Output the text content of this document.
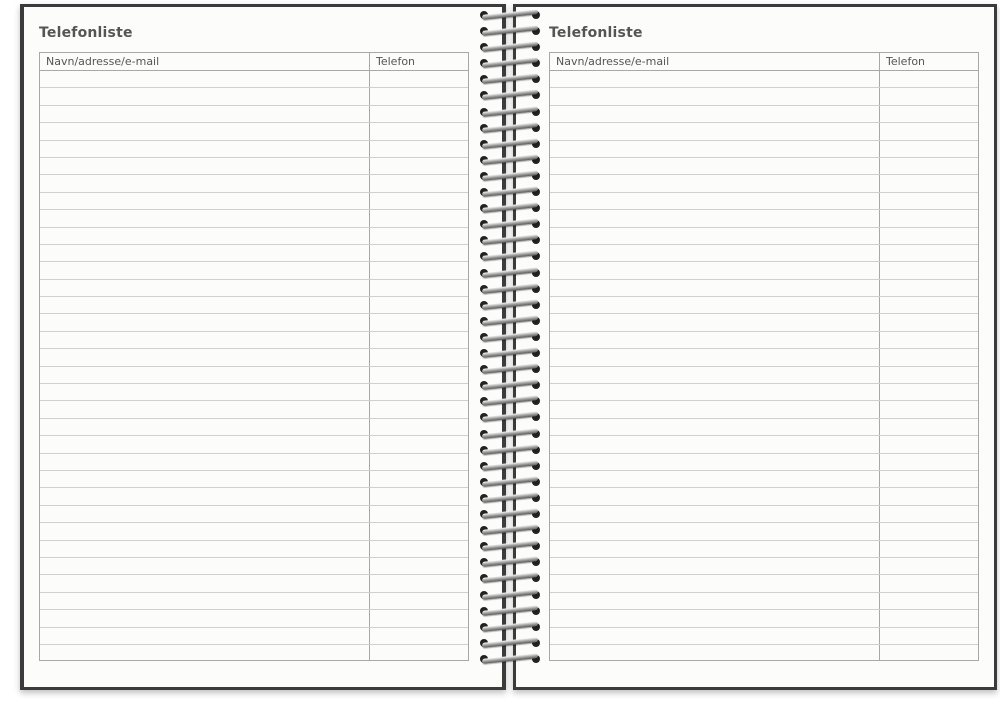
Telefonliste
Navn/adresse/e-mail	Telefon
Telefonliste
Navn/adresse/e-mail	Telefon
